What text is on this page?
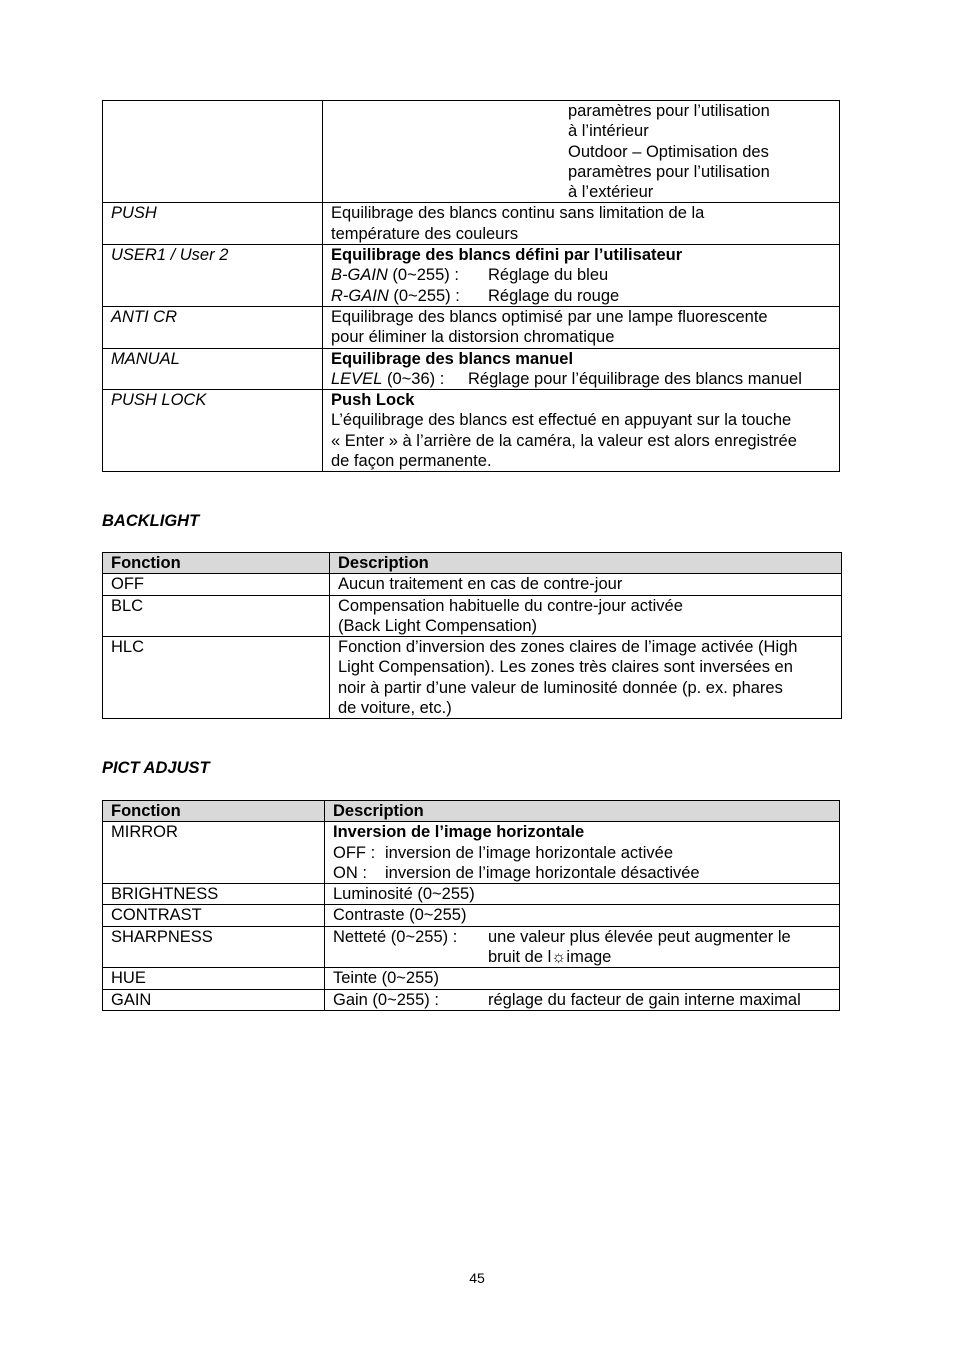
	paramètres pour l’utilisation
à l’intérieur
Outdoor – Optimisation des
paramètres pour l’utilisation
à l’extérieur

PUSH	Equilibrage des blancs continu sans limitation de la
température des couleurs

USER1 / User 2	Equilibrage des blancs défini par l’utilisateur
B-GAIN (0~255) : Réglage du bleu
R-GAIN (0~255) : Réglage du rouge

ANTI CR	Equilibrage des blancs optimisé par une lampe fluorescente
pour éliminer la distorsion chromatique

MANUAL	Equilibrage des blancs manuel
LEVEL (0~36) : Réglage pour l’équilibrage des blancs manuel

PUSH LOCK	Push Lock
L’équilibrage des blancs est effectué en appuyant sur la touche
« Enter » à l’arrière de la caméra, la valeur est alors enregistrée
de façon permanente.
BACKLIGHT
Fonction	Description
OFF	Aucun traitement en cas de contre-jour

BLC	Compensation habituelle du contre-jour activée
(Back Light Compensation)

HLC	Fonction d’inversion des zones claires de l’image activée (High
Light Compensation). Les zones très claires sont inversées en
noir à partir d’une valeur de luminosité donnée (p. ex. phares
de voiture, etc.)
PICT ADJUST
Fonction	Description
MIRROR	Inversion de l’image horizontale
OFF : inversion de l’image horizontale activée
ON : inversion de l’image horizontale désactivée

BRIGHTNESS	Luminosité (0~255)
CONTRAST	Contraste (0~255)
SHARPNESS	Netteté (0~255) : une valeur plus élevée peut augmenter le
bruit de l☼image

HUE	Teinte (0~255)
GAIN	Gain (0~255) : réglage du facteur de gain interne maximal
45
